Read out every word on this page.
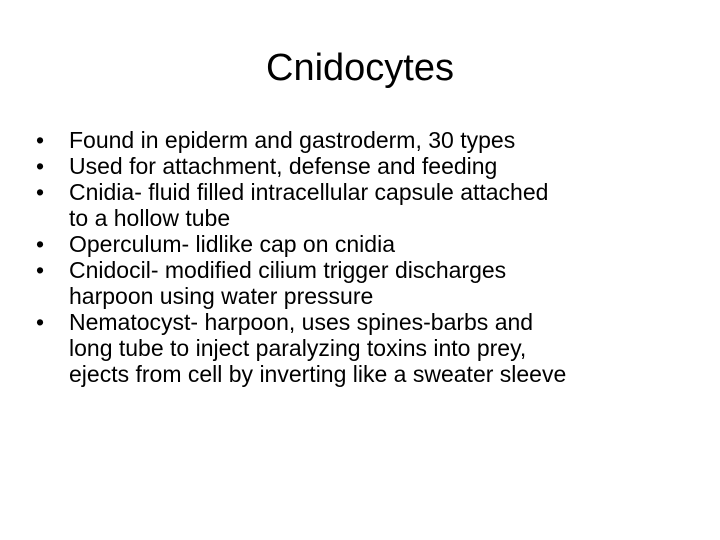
Cnidocytes
•	Found in epiderm and gastroderm, 30 types
•	Used for attachment, defense and feeding
•	Cnidia- fluid filled intracellular capsule attached
to a hollow tube
•	Operculum- lidlike cap on cnidia
•	Cnidocil- modified cilium trigger discharges
harpoon using water pressure
•	Nematocyst- harpoon, uses spines-barbs and
long tube to inject paralyzing toxins into prey,
ejects from cell by inverting like a sweater sleeve
